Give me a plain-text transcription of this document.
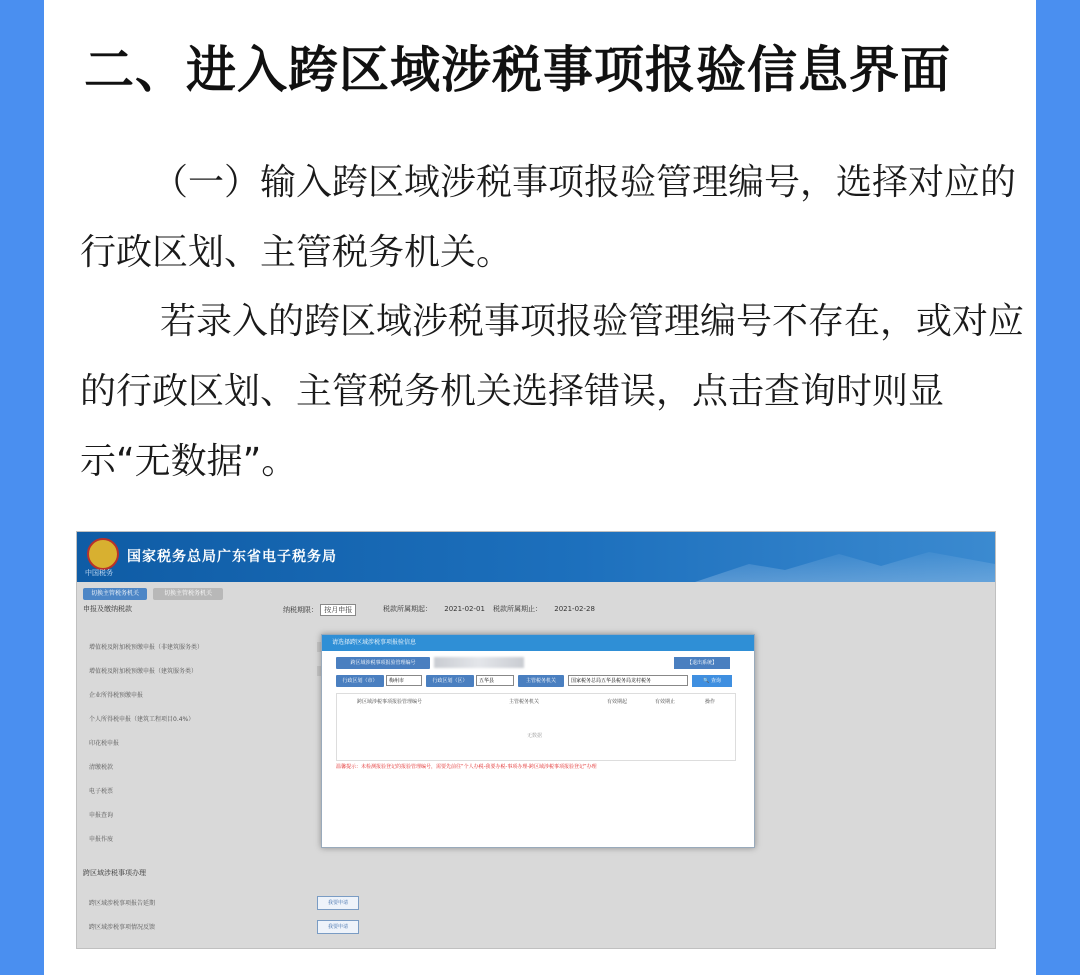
二、进入跨区域涉税事项报验信息界面
（一）输入跨区域涉税事项报验管理编号，选择对应的行政区划、主管税务机关。
若录入的跨区域涉税事项报验管理编号不存在，或对应的行政区划、主管税务机关选择错误，点击查询时则显示“无数据”。
中国税务
国家税务总局广东省电子税务局
切换主管税务机关	切换主管税务机关
申报及缴纳税款	纳税期限： 按月申报	税款所属期起： 2021-02-01 税款所属期止： 2021-02-28
增值税及附加税预缴申报（非建筑服务类）
增值税及附加税预缴申报（建筑服务类）
企业所得税预缴申报
个人所得税申报（建筑工程项目0.4%）
印花税申报
清缴税款
电子税票
申报查询
申报作废
跨区域涉税事项办理
跨区域涉税事项报告延期	我要申请
跨区域涉税事项情况反馈	我要申请
请选择跨区域涉税事项报验信息
跨区域涉税事项报验管理编号	【退出系统】
行政区划（市）	梅州市	行政区划（区）	五华县	主管税务机关	国家税务总局五华县税务局龙村税务	🔍 查询
跨区域涉税事项报验管理编号	主管税务机关	有效期起	有效期止	操作
无数据
温馨提示：未检测报验登记的报验管理编号，需要先前往“个人办税-我要办税-事项办理-跨区域涉税事项报验登记”办理
